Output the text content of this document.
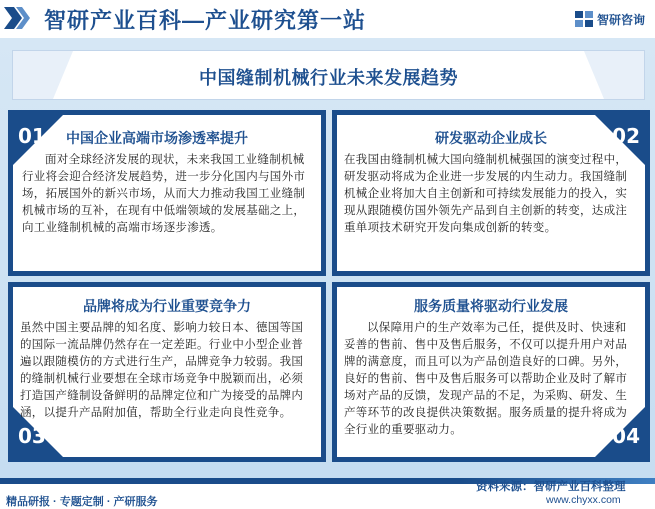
智研产业百科—产业研究第一站	智研咨询
中国缝制机械行业未来发展趋势
01 中国企业高端市场渗透率提升
面对全球经济发展的现状，未来我国工业缝制机械行业将会迎合经济发展趋势，进一步分化国内与国外市场，拓展国外的新兴市场，从而大力推动我国工业缝制机械市场的互补，在现有中低端领域的发展基础之上，向工业缝制机械的高端市场逐步渗透。
02
研发驱动企业成长
在我国由缝制机械大国向缝制机械强国的演变过程中，研发驱动将成为企业进一步发展的内生动力。我国缝制机械企业将加大自主创新和可持续发展能力的投入，实现从跟随模仿国外领先产品到自主创新的转变，达成注重单项技术研究开发向集成创新的转变。
03
品牌将成为行业重要竞争力
虽然中国主要品牌的知名度、影响力较日本、德国等国的国际一流品牌仍然存在一定差距。行业中小型企业普遍以跟随模仿的方式进行生产，品牌竞争力较弱。我国的缝制机械行业要想在全球市场竞争中脱颖而出，必须打造国产缝制设备鲜明的品牌定位和广为接受的品牌内涵，以提升产品附加值，帮助全行业走向良性竞争。
04
服务质量将驱动行业发展
以保障用户的生产效率为己任，提供及时、快速和妥善的售前、售中及售后服务，不仅可以提升用户对品牌的满意度，而且可以为产品创造良好的口碑。另外，良好的售前、售中及售后服务可以帮助企业及时了解市场对产品的反馈，发现产品的不足，为采购、研发、生产等环节的改良提供决策数据。服务质量的提升将成为全行业的重要驱动力。
精品研报 · 专题定制 · 产研服务
资料来源：智研产业百科整理
www.chyxx.com
